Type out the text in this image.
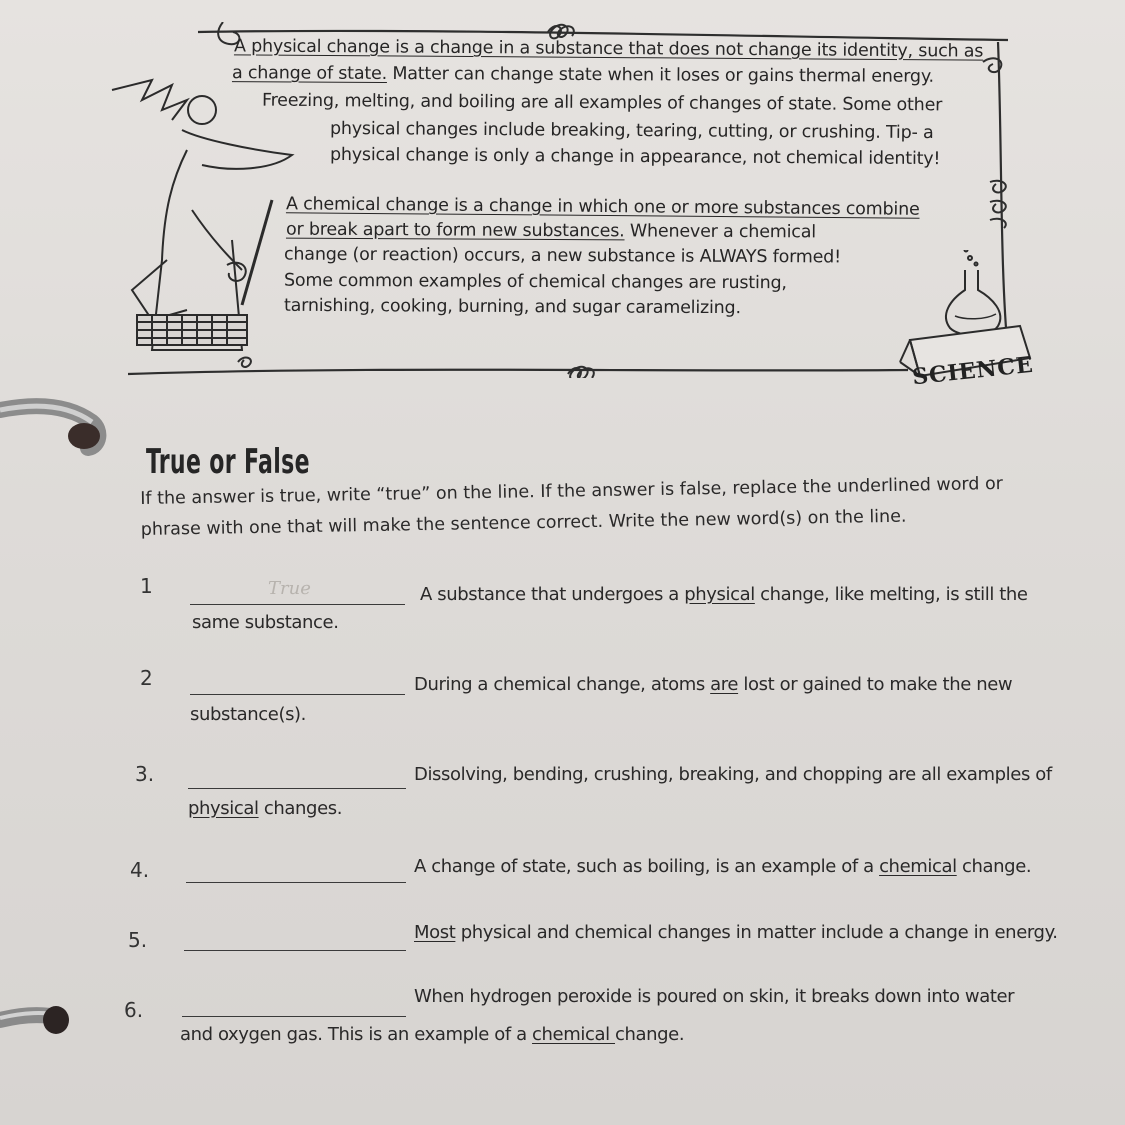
SCIENCE
A physical change is a change in a substance that does not change its identity, such as
a change of state. Matter can change state when it loses or gains thermal energy.
Freezing, melting, and boiling are all examples of changes of state. Some other
physical changes include breaking, tearing, cutting, or crushing. Tip- a
physical change is only a change in appearance, not chemical identity!
A chemical change is a change in which one or more substances combine
or break apart to form new substances. Whenever a chemical
change (or reaction) occurs, a new substance is ALWAYS formed!
Some common examples of chemical changes are rusting,
tarnishing, cooking, burning, and sugar caramelizing.
True or False
If the answer is true, write “true” on the line. If the answer is false, replace the underlined word or
phrase with one that will make the sentence correct. Write the new word(s) on the line.
1	True	A substance that undergoes a physical change, like melting, is still the
same substance.
2	During a chemical change, atoms are lost or gained to make the new
substance(s).
3.	Dissolving, bending, crushing, breaking, and chopping are all examples of
physical changes.
4.	A change of state, such as boiling, is an example of a chemical change.
5.	Most physical and chemical changes in matter include a change in energy.
6.
When hydrogen peroxide is poured on skin, it breaks down into water
and oxygen gas. This is an example of a chemical change.
